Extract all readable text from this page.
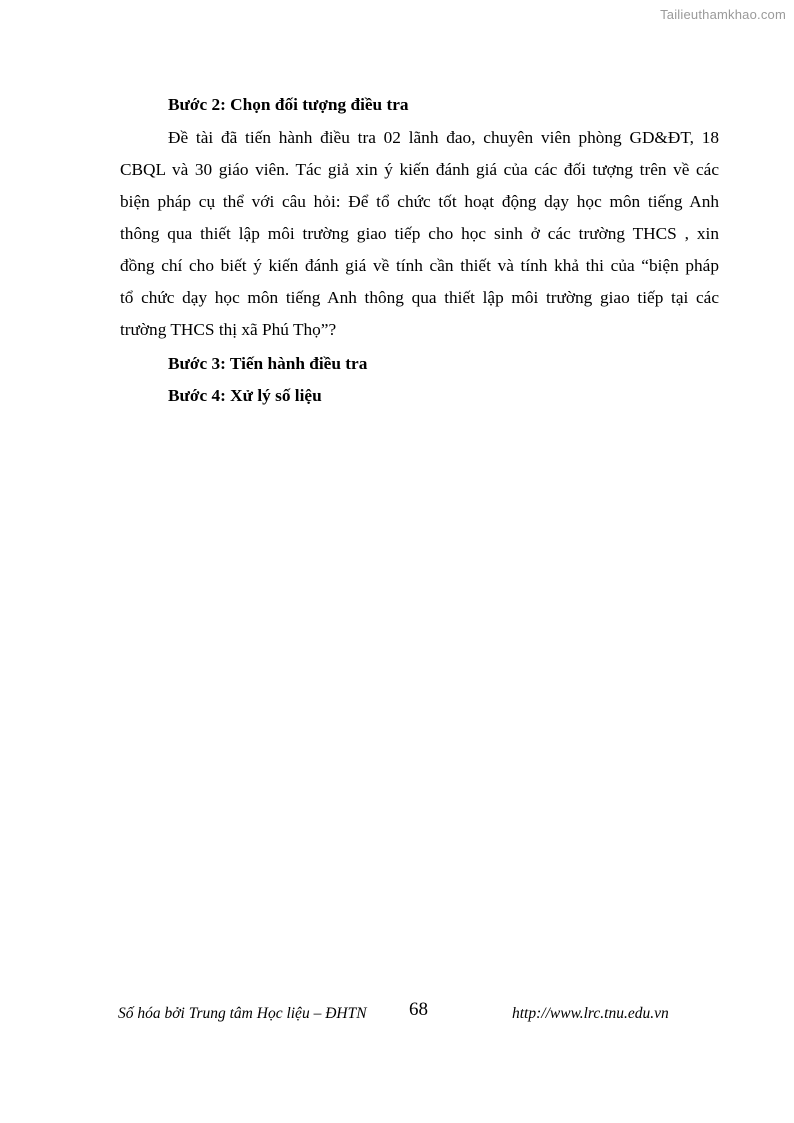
Tailieuthamkhao.com
Bước 2: Chọn đối tượng điều tra
Đề tài đã tiến hành điều tra 02 lãnh đao, chuyên viên phòng GD&ĐT, 18
CBQL và 30 giáo viên. Tác giả xin ý kiến đánh giá của các đối tượng trên về các
biện pháp cụ thể với câu hỏi: Để tổ chức tốt hoạt động dạy học môn tiếng Anh
thông qua thiết lập môi trường giao tiếp cho học sinh ở các trường THCS , xin
đồng chí cho biết ý kiến đánh giá về tính cần thiết và tính khả thi của “biện pháp
tổ chức dạy học môn tiếng Anh thông qua thiết lập môi trường giao tiếp tại các
trường THCS thị xã Phú Thọ”?
Bước 3: Tiến hành điều tra
Bước 4: Xử lý số liệu
Số hóa bởi Trung tâm Học liệu – ĐHTN 68	http://www.lrc.tnu.edu.vn
